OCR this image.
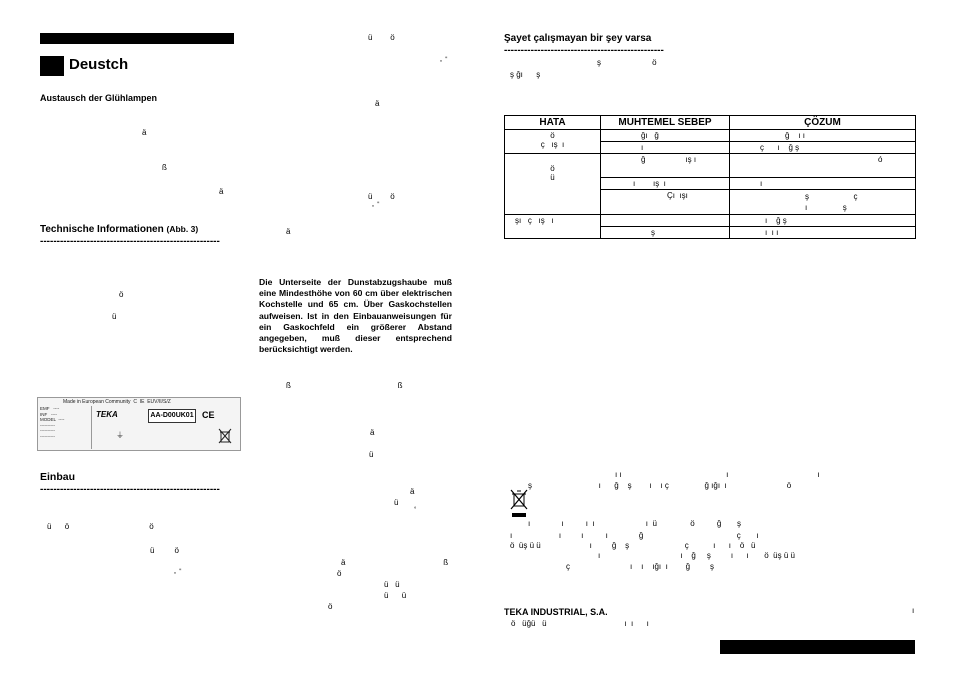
Deustch
Austausch der Glühlampen
ä
ß
ä
Technische Informationen (Abb. 3)
------------------------------------------------------
ö
ü
Made in European Community  C  IE  EUV/II/S/Z
EMF   ----
INF   ----
MODEL  ----
----------
----------
----------
TEKA	AA-D00UK01 CE
⏚
Einbau
------------------------------------------------------
ü      ö                                    ö
ü         ö
„  “
ü        ö
„  “
ä
ü        ö
„  “
ä
Die Unterseite der Dunstabzugshaube muß eine Mindesthöhe von 60 cm über elektrischen Kochstelle und 65 cm. Über Gaskochstellen aufweisen. Ist in den Einbauanweisungen für ein Gaskochfeld ein größerer Abstand angegeben, muß dieser entsprechend berücksichtigt werden.
ß                                                ß
ä
ü
ä
ü
°
ä                                            ß
ö
ü   ü
ü      ü
ö
Şayet çalışmayan bir şey varsa
------------------------------------------------
ş                       ö
ş ğı      ş
HATA	MUHTEMEL SEBEP	ÇÖZUM
ö
ç   ış  ı	ğı   ğ	ğ    ı ı
	ı	ç      ı    ğ ş

ö
ü	ğ                  ış ı	ó
	ı        ış  ı	ı
	Çı  ışı	ş                    ç
ı                ş
şı   ç   ış   ı		ı    ğ ş
	ş	ı  ı ı
ı ı                                               ı                                        ı
ş                              ı      ğ    ş        ı    ı ç                ğ ığı  ı                           ö
ı              ı          ı  ı                       ı  ü               ö          ğ       ş
ı                     ı         ı          ı              ğ                                          ç       ı
ö  üş ü ü                      ı         ğ    ş                         ç           ı      ı    ö   ü
ı                                    ı    ğ     ş         ı      ı       ö  üş ü ü
ç                           ı    ı    ığı  ı        ğ         ş
TEKA INDUSTRIAL, S.A.
ö   üğü   ü                                   ı  ı      ı
ı
